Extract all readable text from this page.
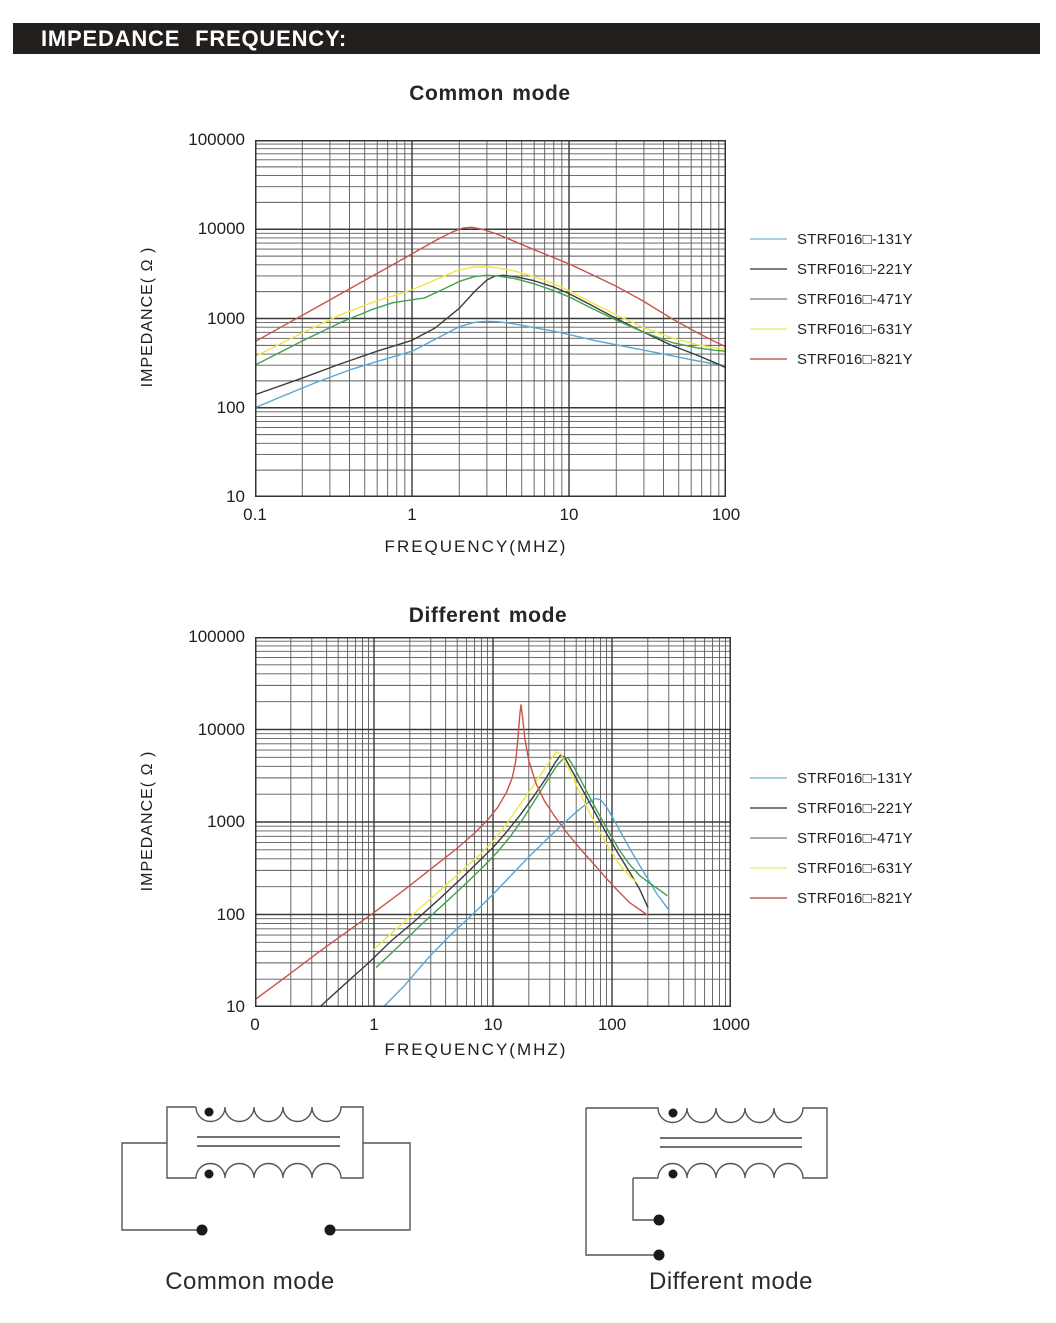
IMPEDANCE FREQUENCY:
Common mode
Different mode
IMPEDANCE( Ω )
IMPEDANCE( Ω )
FREQUENCY(MHZ)
FREQUENCY(MHZ)
STRF016□-131Y
STRF016□-221Y
STRF016□-471Y
STRF016□-631Y
STRF016□-821Y
STRF016□-131Y
STRF016□-221Y
STRF016□-471Y
STRF016□-631Y
STRF016□-821Y
Common mode	Different mode
100000
10000
1000
100
10
0.1	1	10	100
100000
10000
1000
100
10
0	1	10	100	1000
